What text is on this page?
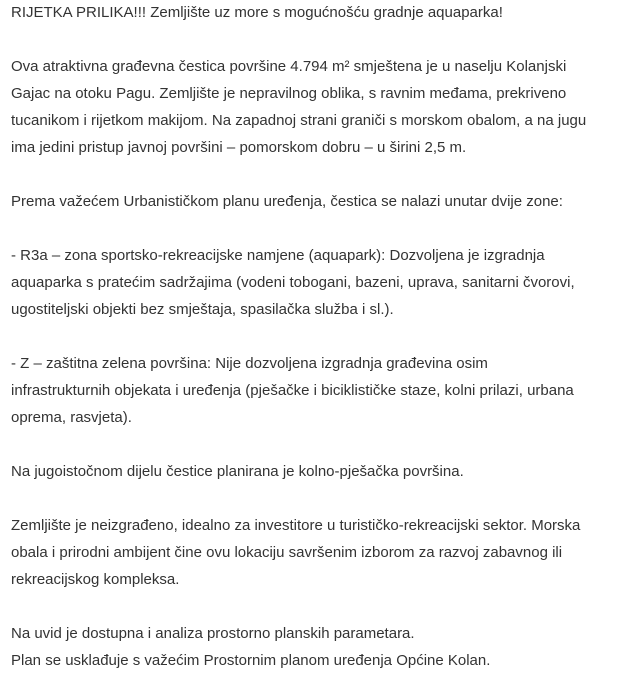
RIJETKA PRILIKA!!! Zemljište uz more s mogućnošću gradnje aquaparka!

Ova atraktivna građevna čestica površine 4.794 m² smještena je u naselju Kolanjski

Gajac na otoku Pagu. Zemljište je nepravilnog oblika, s ravnim međama, prekriveno

tucanikom i rijetkom makijom. Na zapadnoj strani graniči s morskom obalom, a na jugu

ima jedini pristup javnoj površini – pomorskom dobru – u širini 2,5 m.

Prema važećem Urbanističkom planu uređenja, čestica se nalazi unutar dvije zone:

- R3a – zona sportsko-rekreacijske namjene (aquapark): Dozvoljena je izgradnja

aquaparka s pratećim sadržajima (vodeni tobogani, bazeni, uprava, sanitarni čvorovi,

ugostiteljski objekti bez smještaja, spasilačka služba i sl.).

- Z – zaštitna zelena površina: Nije dozvoljena izgradnja građevina osim

infrastrukturnih objekata i uređenja (pješačke i biciklističke staze, kolni prilazi, urbana

oprema, rasvjeta).

Na jugoistočnom dijelu čestice planirana je kolno-pješačka površina.

Zemljište je neizgrađeno, idealno za investitore u turističko-rekreacijski sektor. Morska

obala i prirodni ambijent čine ovu lokaciju savršenim izborom za razvoj zabavnog ili

rekreacijskog kompleksa.

Na uvid je dostupna i analiza prostorno planskih parametara.

Plan se usklađuje s važećim Prostornim planom uređenja Općine Kolan.
